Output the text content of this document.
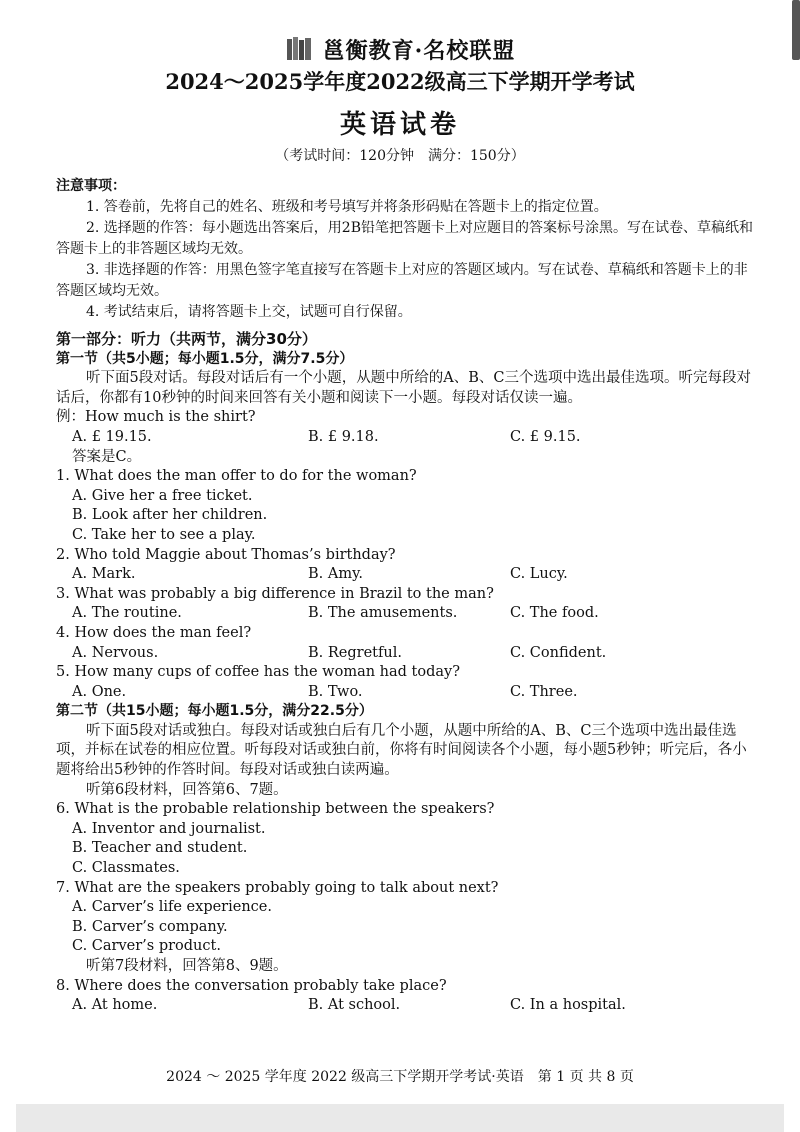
邕衡教育·名校联盟
2024～2025学年度2022级高三下学期开学考试
英语试卷
（考试时间：120分钟　满分：150分）

注意事项：

1. 答卷前，先将自己的姓名、班级和考号填写并将条形码贴在答题卡上的指定位置。

2. 选择题的作答：每小题选出答案后，用2B铅笔把答题卡上对应题目的答案标号涂黑。写在试卷、草稿纸和答题卡上的非答题区域均无效。

3. 非选择题的作答：用黑色签字笔直接写在答题卡上对应的答题区域内。写在试卷、草稿纸和答题卡上的非答题区域均无效。

4. 考试结束后，请将答题卡上交，试题可自行保留。

第一部分：听力（共两节，满分30分）

第一节（共5小题；每小题1.5分，满分7.5分）

听下面5段对话。每段对话后有一个小题，从题中所给的A、B、C三个选项中选出最佳选项。听完每段对话后，你都有10秒钟的时间来回答有关小题和阅读下一小题。每段对话仅读一遍。

例：How much is the shirt?

A. £ 19.15.	B. £ 9.18.	C. £ 9.15.

答案是C。

1. What does the man offer to do for the woman?

A. Give her a free ticket.

B. Look after her children.

C. Take her to see a play.

2. Who told Maggie about Thomas’s birthday?

A. Mark.	B. Amy.	C. Lucy.

3. What was probably a big difference in Brazil to the man?

A. The routine.	B. The amusements.	C. The food.

4. How does the man feel?

A. Nervous.	B. Regretful.	C. Confident.

5. How many cups of coffee has the woman had today?

A. One.	B. Two.	C. Three.

第二节（共15小题；每小题1.5分，满分22.5分）

听下面5段对话或独白。每段对话或独白后有几个小题，从题中所给的A、B、C三个选项中选出最佳选项，并标在试卷的相应位置。听每段对话或独白前，你将有时间阅读各个小题，每小题5秒钟；听完后，各小题将给出5秒钟的作答时间。每段对话或独白读两遍。

听第6段材料，回答第6、7题。

6. What is the probable relationship between the speakers?

A. Inventor and journalist.

B. Teacher and student.

C. Classmates.

7. What are the speakers probably going to talk about next?

A. Carver’s life experience.

B. Carver’s company.

C. Carver’s product.

听第7段材料，回答第8、9题。

8. Where does the conversation probably take place?

A. At home.	B. At school.	C. In a hospital.
2024 ～ 2025 学年度 2022 级高三下学期开学考试·英语　第 1 页 共 8 页
